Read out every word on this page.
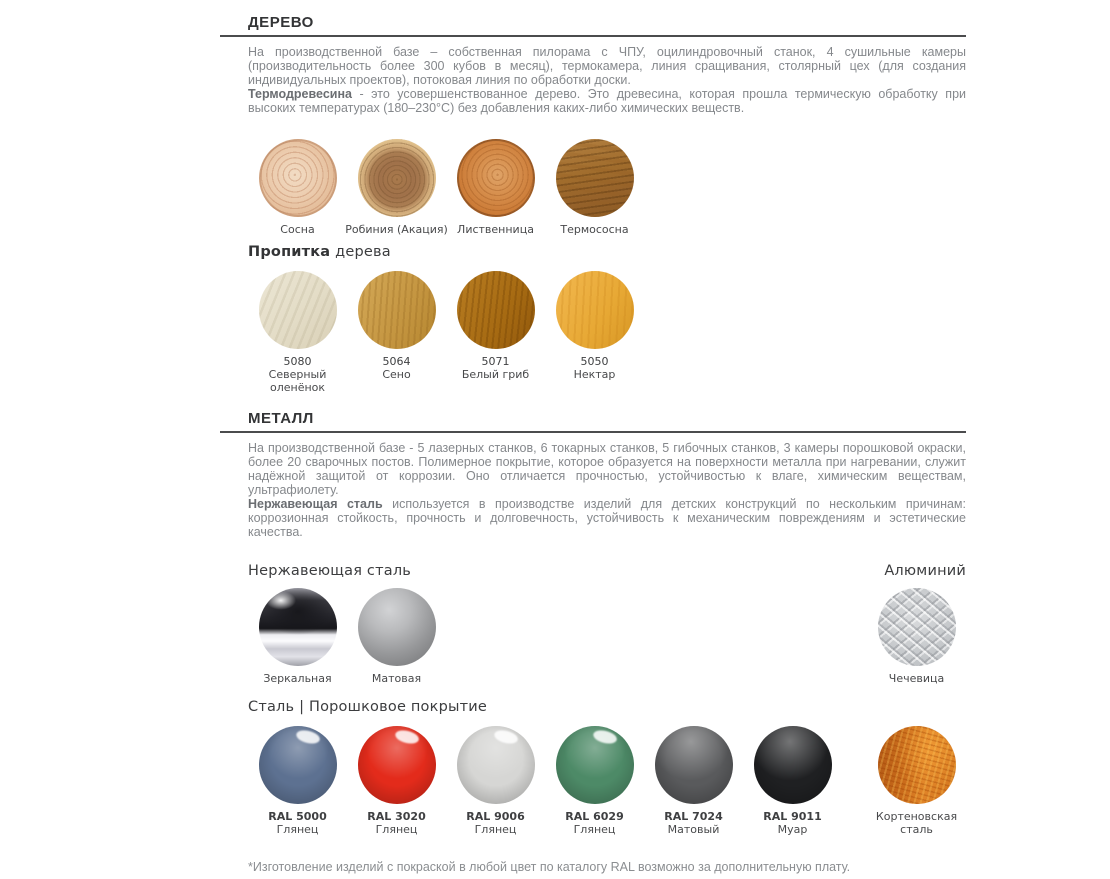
ДЕРЕВО

На производственной базе – собственная пилорама с ЧПУ, оцилиндровочный станок, 4 сушильные камеры (производительность более 300 кубов в месяц), термокамера, линия сращивания, столярный цех (для создания индивидуальных проектов), потоковая линия по обработки доски.

Термодревесина - это усовершенствованное дерево. Это древесина, которая прошла термическую обработку при высоких температурах (180–230°С) без добавления каких-либо химических веществ.

Сосна	Робиния (Акация) Лиственница Термососна
Пропитка дерева
5080
Северный оленёнок
5064
Сено
5071
Белый гриб
5050
Нектар
МЕТАЛЛ

На производственной базе - 5 лазерных станков, 6 токарных станков, 5 гибочных станков, 3 камеры порошковой окраски, более 20 сварочных постов. Полимерное покрытие, которое образуется на поверхности металла при нагревании, служит надёжной защитой от коррозии. Оно отличается прочностью, устойчивостью к влаге, химическим веществам, ультрафиолету.

Нержавеющая сталь используется в производстве изделий для детских конструкций по нескольким причинам: коррозионная стойкость, прочность и долговечность, устойчивость к механическим повреждениям и эстетические качества.

Нержавеющая сталь	Алюминий
Зеркальная	Матовая	Чечевица
Сталь | Порошковое покрытие
RAL 5000
Глянец
RAL 3020
Глянец
RAL 9006
Глянец
RAL 6029
Глянец
RAL 7024
Матовый
RAL 9011
Муар
Кортеновская сталь

*Изготовление изделий с покраской в любой цвет по каталогу RAL возможно за дополнительную плату.
